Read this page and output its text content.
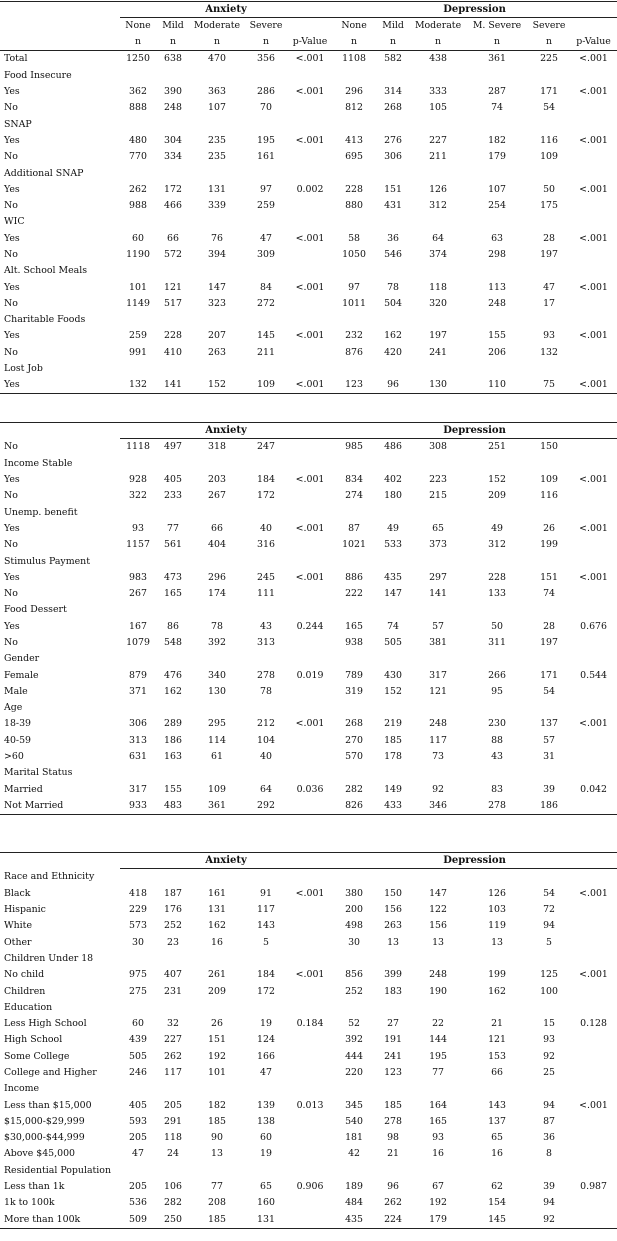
	Anxiety					Depression					
	None	Mild	Moderate	Severe		None	Mild	Moderate	M. Severe	Severe	
	n	n	n	n	p-Value	n	n	n	n	n	p-Value
Total	1250	638	470	356	<.001	1108	582	438	361	225	<.001
Food Insecure											
Yes	362	390	363	286	<.001	296	314	333	287	171	<.001
No	888	248	107	70		812	268	105	74	54	
SNAP											
Yes	480	304	235	195	<.001	413	276	227	182	116	<.001
No	770	334	235	161		695	306	211	179	109	
Additional SNAP											
Yes	262	172	131	97	0.002	228	151	126	107	50	<.001
No	988	466	339	259		880	431	312	254	175	
WIC											
Yes	60	66	76	47	<.001	58	36	64	63	28	<.001
No	1190	572	394	309		1050	546	374	298	197	
Alt. School Meals											
Yes	101	121	147	84	<.001	97	78	118	113	47	<.001
No	1149	517	323	272		1011	504	320	248	17	
Charitable Foods											
Yes	259	228	207	145	<.001	232	162	197	155	93	<.001
No	991	410	263	211		876	420	241	206	132	
Lost Job											
Yes	132	141	152	109	<.001	123	96	130	110	75	<.001
	Anxiety					Depression					
No	1118	497	318	247		985	486	308	251	150	
Income Stable											
Yes	928	405	203	184	<.001	834	402	223	152	109	<.001
No	322	233	267	172		274	180	215	209	116	
Unemp. benefit											
Yes	93	77	66	40	<.001	87	49	65	49	26	<.001
No	1157	561	404	316		1021	533	373	312	199	
Stimulus Payment											
Yes	983	473	296	245	<.001	886	435	297	228	151	<.001
No	267	165	174	111		222	147	141	133	74	
Food Dessert											
Yes	167	86	78	43	0.244	165	74	57	50	28	0.676
No	1079	548	392	313		938	505	381	311	197	
Gender											
Female	879	476	340	278	0.019	789	430	317	266	171	0.544
Male	371	162	130	78		319	152	121	95	54	
Age											
18-39	306	289	295	212	<.001	268	219	248	230	137	<.001
40-59	313	186	114	104		270	185	117	88	57	
>60	631	163	61	40		570	178	73	43	31	
Marital Status											
Married	317	155	109	64	0.036	282	149	92	83	39	0.042
Not Married	933	483	361	292		826	433	346	278	186	
	Anxiety					Depression					
Race and Ethnicity											
Black	418	187	161	91	<.001	380	150	147	126	54	<.001
Hispanic	229	176	131	117		200	156	122	103	72	
White	573	252	162	143		498	263	156	119	94	
Other	30	23	16	5		30	13	13	13	5	
Children Under 18											
No child	975	407	261	184	<.001	856	399	248	199	125	<.001
Children	275	231	209	172		252	183	190	162	100	
Education											
Less High School	60	32	26	19	0.184	52	27	22	21	15	0.128
High School	439	227	151	124		392	191	144	121	93	
Some College	505	262	192	166		444	241	195	153	92	
College and Higher	246	117	101	47		220	123	77	66	25	
Income											
Less than $15,000	405	205	182	139	0.013	345	185	164	143	94	<.001
$15,000-$29,999	593	291	185	138		540	278	165	137	87	
$30,000-$44,999	205	118	90	60		181	98	93	65	36	
Above $45,000	47	24	13	19		42	21	16	16	8	
Residential Population											
Less than 1k	205	106	77	65	0.906	189	96	67	62	39	0.987
1k to 100k	536	282	208	160		484	262	192	154	94	
More than 100k	509	250	185	131		435	224	179	145	92	
